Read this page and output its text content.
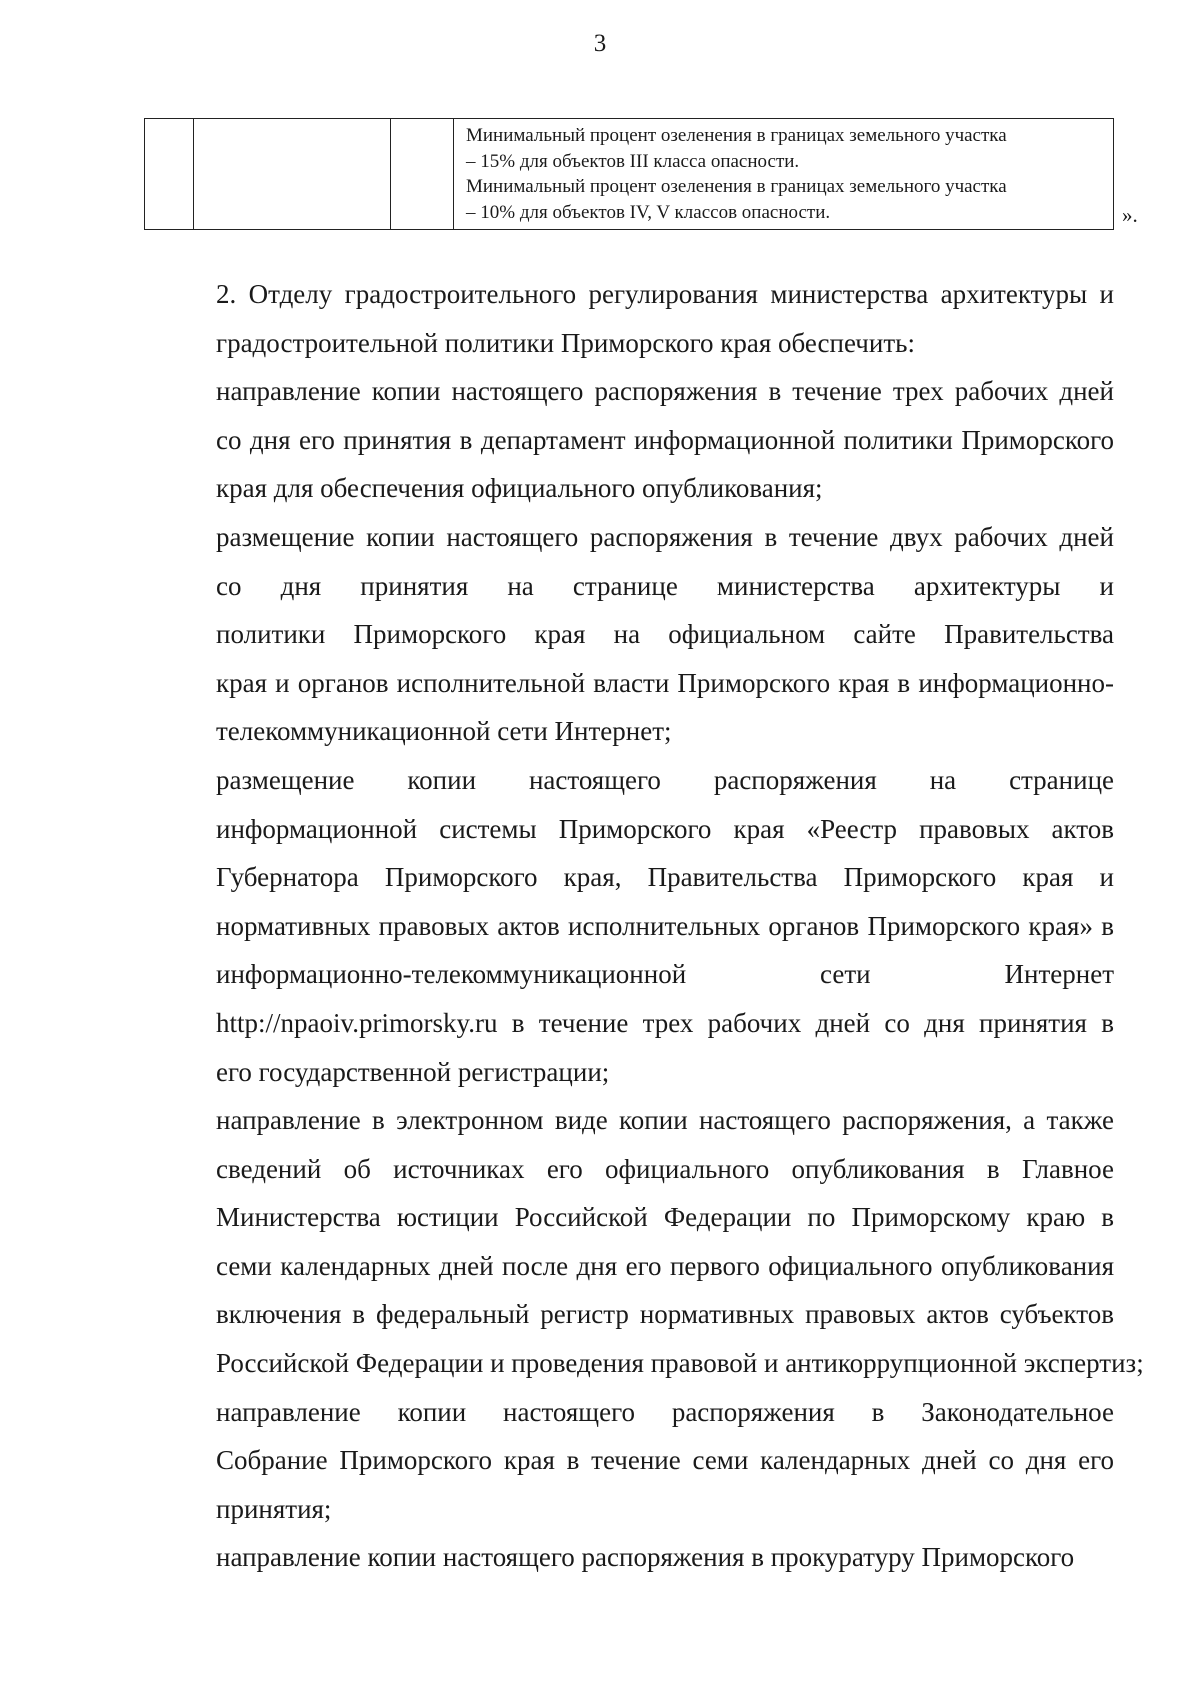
3

Минимальный процент озеленения в границах земельного участка
– 15% для объектов III класса опасности.
Минимальный процент озеленения в границах земельного участка
– 10% для объектов IV, V классов опасности.	».

2. Отделу градостроительного регулирования министерства архитектуры и
градостроительной политики Приморского края обеспечить:

направление копии настоящего распоряжения в течение трех рабочих дней
со дня его принятия в департамент информационной политики Приморского
края для обеспечения официального опубликования;

размещение копии настоящего распоряжения в течение двух рабочих дней
со дня принятия на странице министерства архитектуры и
политики Приморского края на официальном сайте Правительства
края и органов исполнительной власти Приморского края в информационно-
телекоммуникационной сети Интернет;

размещение копии настоящего распоряжения на странице
информационной системы Приморского края «Реестр правовых актов
Губернатора Приморского края, Правительства Приморского края и
нормативных правовых актов исполнительных органов Приморского края» в
информационно-телекоммуникационной сети Интернет
http://npaoiv.primorsky.ru в течение трех рабочих дней со дня принятия в
его государственной регистрации;

направление в электронном виде копии настоящего распоряжения, а также
сведений об источниках его официального опубликования в Главное
Министерства юстиции Российской Федерации по Приморскому краю в
семи календарных дней после дня его первого официального опубликования
включения в федеральный регистр нормативных правовых актов субъектов
Российской Федерации и проведения правовой и антикоррупционной экспертиз;

направление копии настоящего распоряжения в Законодательное
Собрание Приморского края в течение семи календарных дней со дня его
принятия;

направление копии настоящего распоряжения в прокуратуру Приморского
